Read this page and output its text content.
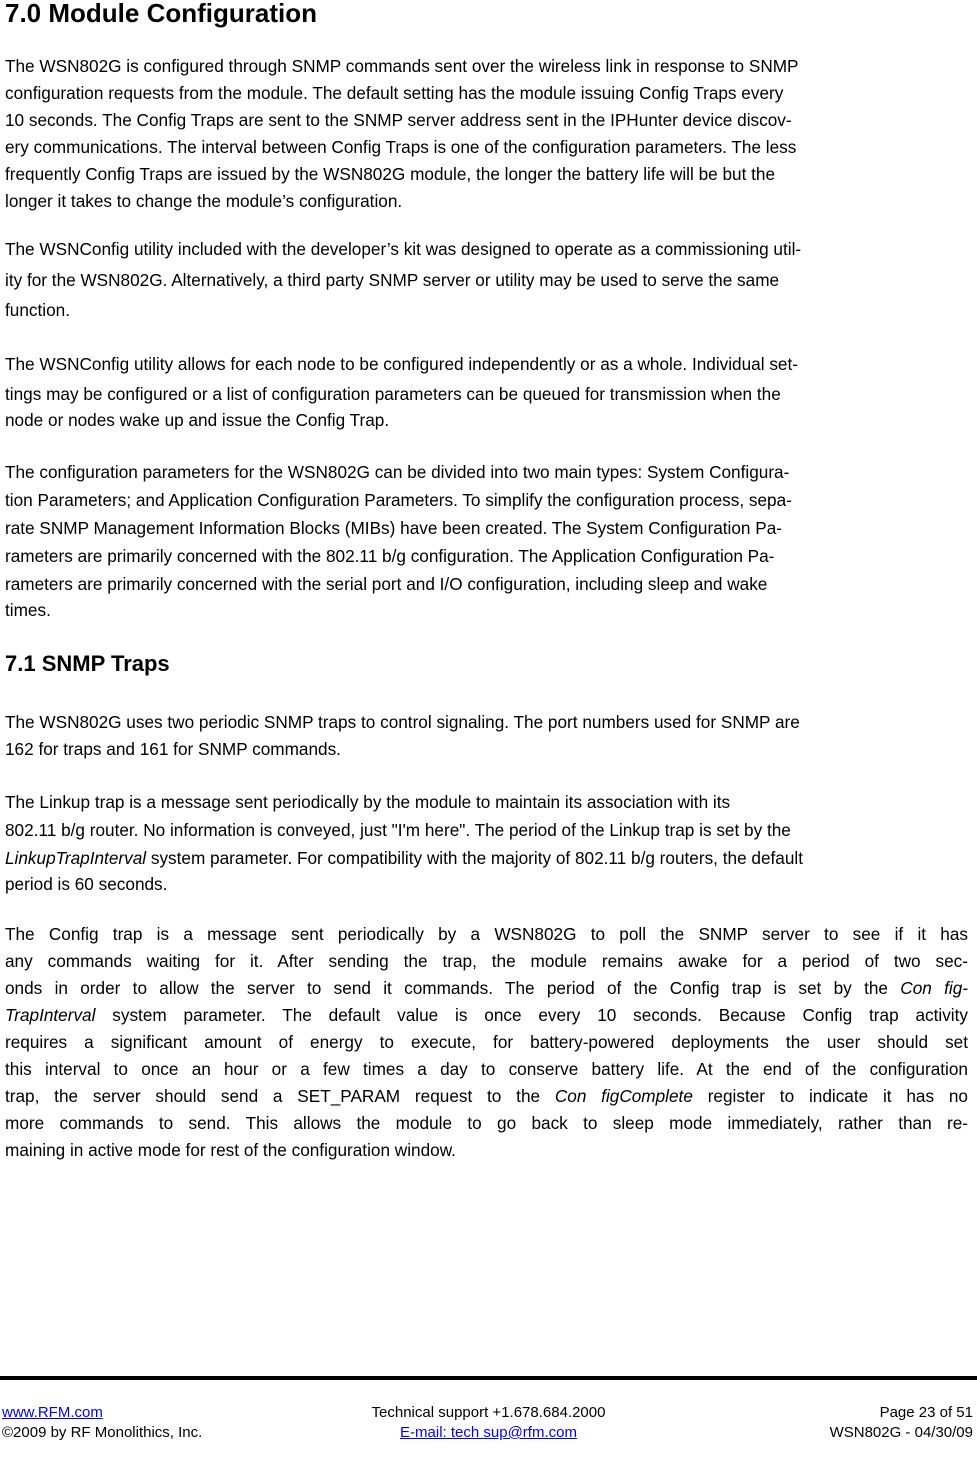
7.0 Module Configuration
The WSN802G is configured through SNMP commands sent over the wireless link in response to SNMP
configuration requests from the module. The default setting has the module issuing Config Traps every
10 seconds. The Config Traps are sent to the SNMP server address sent in the IPHunter device discov-
ery communications. The interval between Config Traps is one of the configuration parameters. The less
frequently Config Traps are issued by the WSN802G module, the longer the battery life will be but the
longer it takes to change the module’s configuration.
The WSNConfig utility included with the developer’s kit was designed to operate as a commissioning util-
ity for the WSN802G. Alternatively, a third party SNMP server or utility may be used to serve the same
function.
The WSNConfig utility allows for each node to be configured independently or as a whole. Individual set-
tings may be configured or a list of configuration parameters can be queued for transmission when the
node or nodes wake up and issue the Config Trap.
The configuration parameters for the WSN802G can be divided into two main types: System Configura-
tion Parameters; and Application Configuration Parameters. To simplify the configuration process, sepa-
rate SNMP Management Information Blocks (MIBs) have been created. The System Configuration Pa-
rameters are primarily concerned with the 802.11 b/g configuration. The Application Configuration Pa-
rameters are primarily concerned with the serial port and I/O configuration, including sleep and wake
times.
7.1 SNMP Traps
The WSN802G uses two periodic SNMP traps to control signaling. The port numbers used for SNMP are
162 for traps and 161 for SNMP commands.
The Linkup trap is a message sent periodically by the module to maintain its association with its
802.11 b/g router. No information is conveyed, just "I'm here". The period of the Linkup trap is set by the
LinkupTrapInterval system parameter. For compatibility with the majority of 802.11 b/g routers, the default
period is 60 seconds.
The Config trap is a message sent periodically by a WSN802G to poll the SNMP server to see if it has
any commands waiting for it. After sending the trap, the module remains awake for a period of two sec-
onds in order to allow the server to send it commands. The period of the Config trap is set by the Con fig-
TrapInterval system parameter. The default value is once every 10 seconds. Because Config trap activity
requires a significant amount of energy to execute, for battery-powered deployments the user should set
this interval to once an hour or a few times a day to conserve battery life. At the end of the configuration
trap, the server should send a SET_PARAM request to the Con figComplete register to indicate it has no
more commands to send. This allows the module to go back to sleep mode immediately, rather than re-
maining in active mode for rest of the configuration window.
Technical support +1.678.684.2000
E-mail: tech sup@rfm.com
www.RFM.com
©2009 by RF Monolithics, Inc.
Page 23 of 51
WSN802G - 04/30/09
